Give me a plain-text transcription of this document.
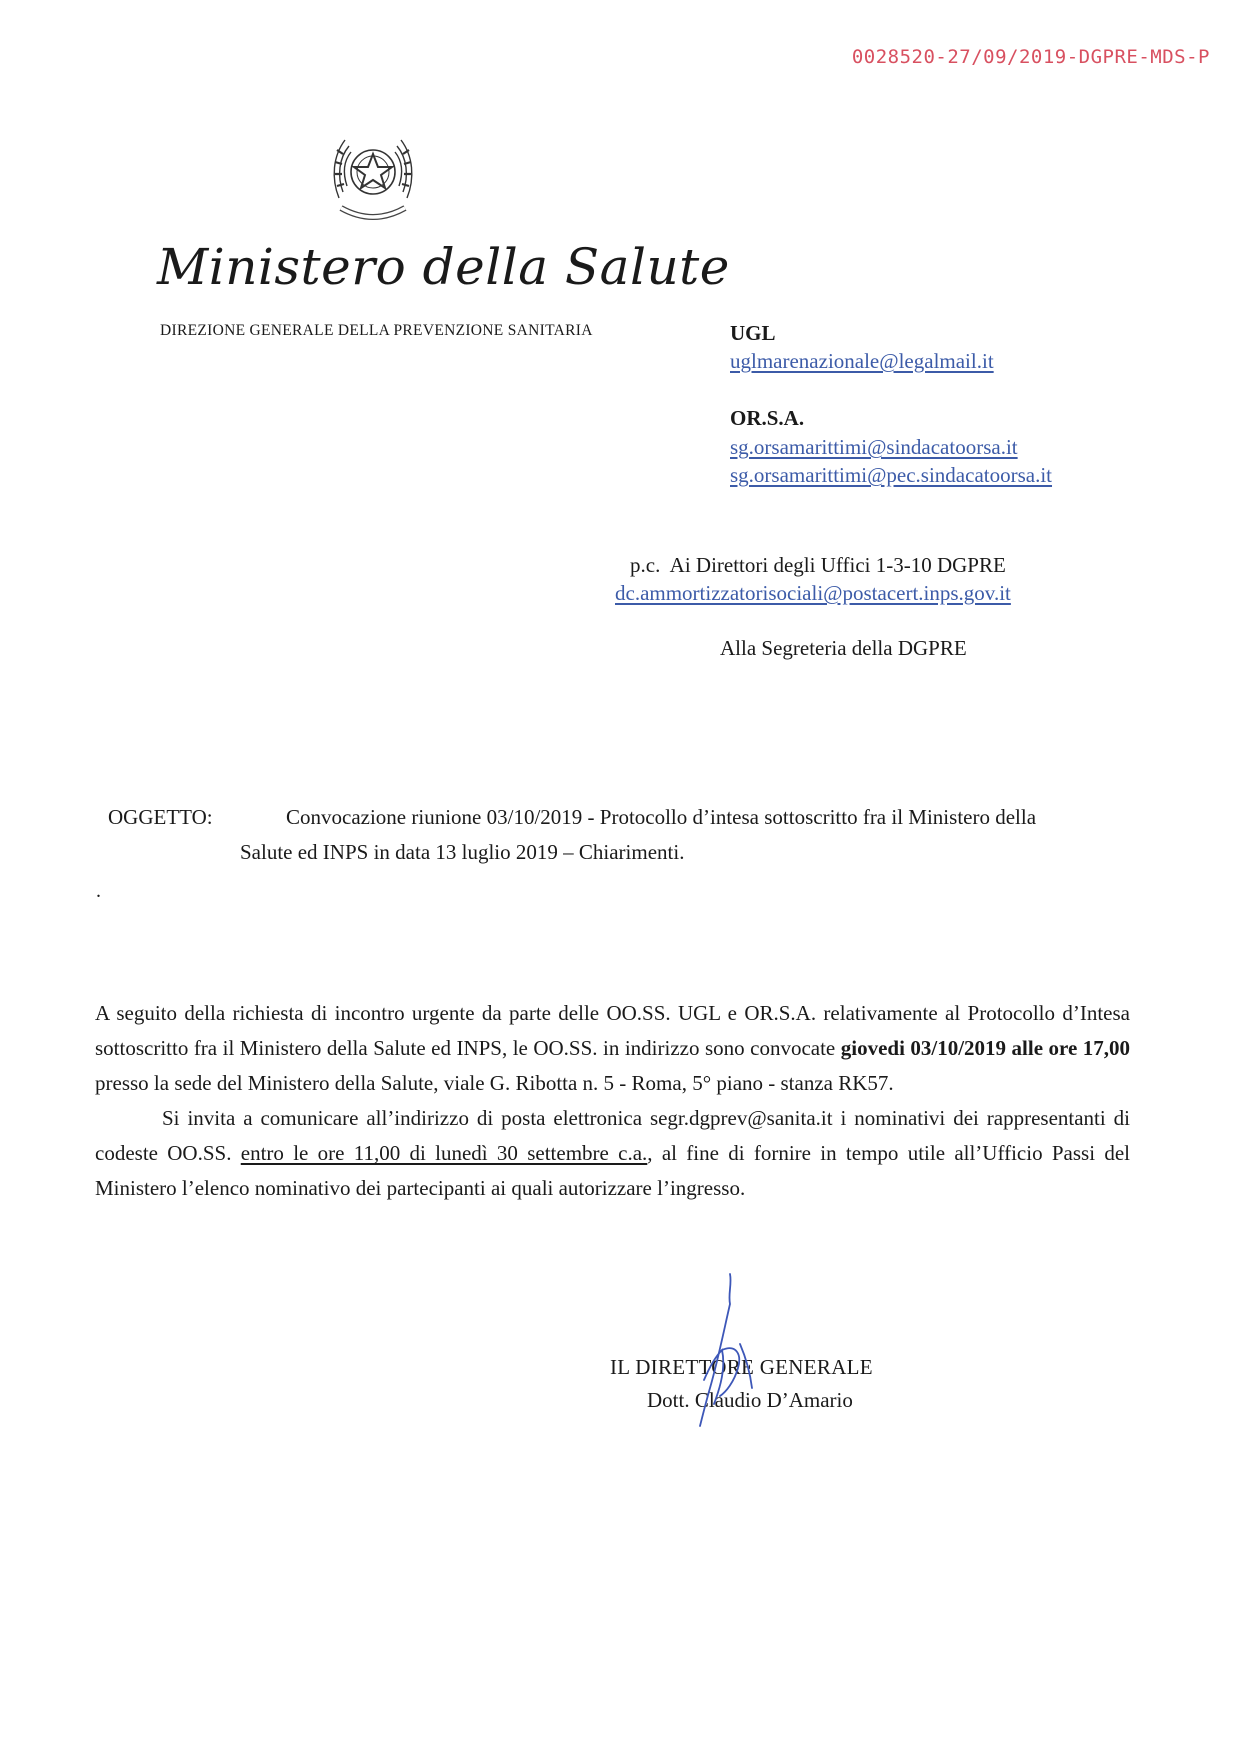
0028520-27/09/2019-DGPRE-MDS-P
Ministero della Salute
DIREZIONE GENERALE DELLA PREVENZIONE SANITARIA	UGL
uglmarenazionale@legalmail.it
OR.S.A.
sg.orsamarittimi@sindacatoorsa.it
sg.orsamarittimi@pec.sindacatoorsa.it
p.c.  Ai Direttori degli Uffici 1-3-10 DGPRE
dc.ammortizzatorisociali@postacert.inps.gov.it
Alla Segreteria della DGPRE
OGGETTO:	Convocazione riunione 03/10/2019 - Protocollo d’intesa sottoscritto fra il Ministero della
Salute ed INPS in data 13 luglio 2019 – Chiarimenti.
.

A seguito della richiesta di incontro urgente da parte delle OO.SS. UGL e OR.S.A. relativamente al Protocollo d’Intesa sottoscritto fra il Ministero della Salute ed INPS, le OO.SS. in indirizzo sono convocate giovedi 03/10/2019 alle ore 17,00 presso la sede del Ministero della Salute, viale G. Ribotta n. 5 - Roma, 5° piano - stanza RK57.

Si invita a comunicare all’indirizzo di posta elettronica segr.dgprev@sanita.it i nominativi dei rappresentanti di codeste OO.SS. entro le ore 11,00 di lunedì 30 settembre c.a., al fine di fornire in tempo utile all’Ufficio Passi del Ministero l’elenco nominativo dei partecipanti ai quali autorizzare l’ingresso.

IL DIRETTORE GENERALE
Dott. Claudio D’Amario
